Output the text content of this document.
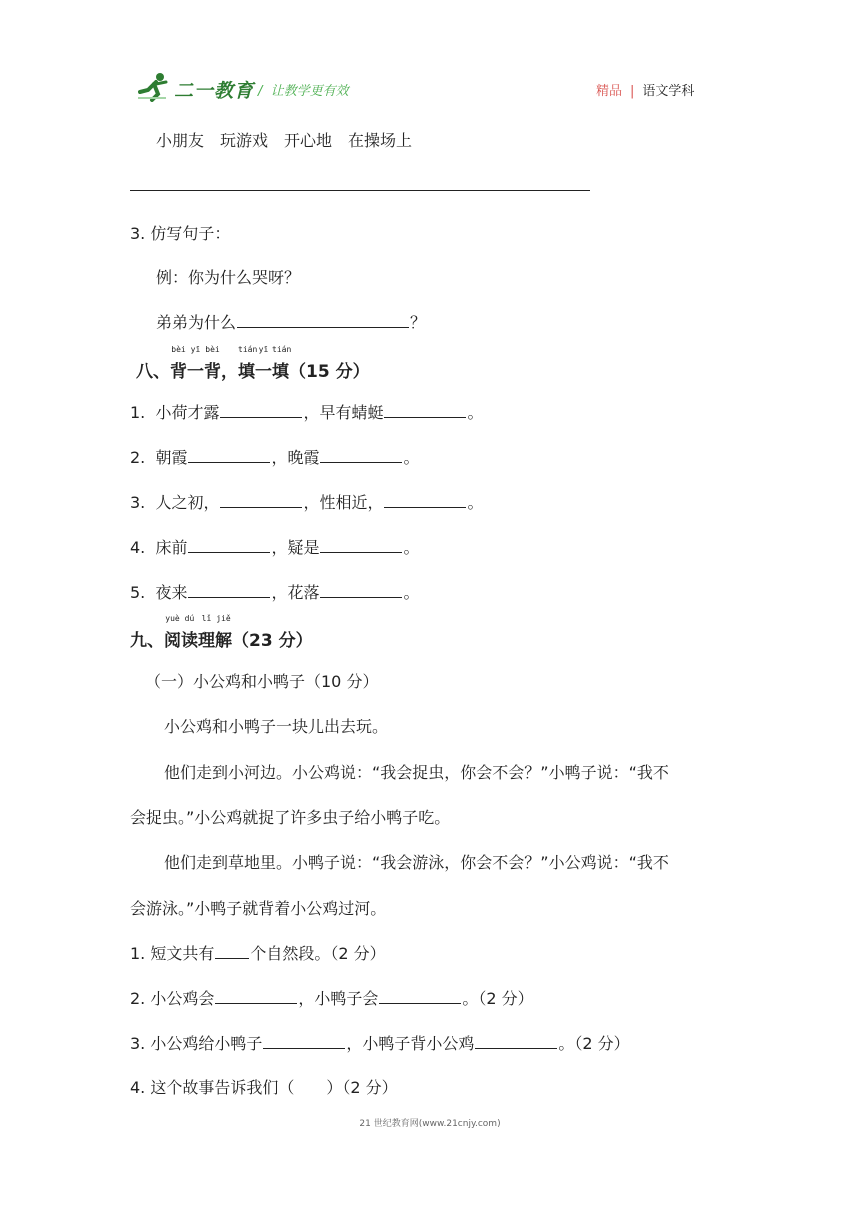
二一教育 / 让教学更有效	精品 | 语文学科
小朋友　玩游戏　开心地　在操场上
3. 仿写句子：
例：你为什么哭呀？
弟弟为什么	？
八、
bèi
背
yī
一
bèi
背，
tián
填
yī
一
tián
填（15 分）
1. 小荷才露	，早有蜻蜓	。
2. 朝霞	，晚霞	。
3. 人之初，	，性相近，	。
4. 床前	，疑是	。
5. 夜来	，花落	。
九、
yuè
阅
dú
读
lǐ
理
jiě
解（23 分）
（一）小公鸡和小鸭子（10 分）
小公鸡和小鸭子一块儿出去玩。
他们走到小河边。小公鸡说：“我会捉虫，你会不会？”小鸭子说：“我不
会捉虫。”小公鸡就捉了许多虫子给小鸭子吃。
他们走到草地里。小鸭子说：“我会游泳，你会不会？”小公鸡说：“我不
会游泳。”小鸭子就背着小公鸡过河。
1. 短文共有 个自然段。（2 分）
2. 小公鸡会	，小鸭子会	。（2 分）
3. 小公鸡给小鸭子	，小鸭子背小公鸡	。（2 分）
4. 这个故事告诉我们（　　）（2 分）
21 世纪教育网(www.21cnjy.com)
